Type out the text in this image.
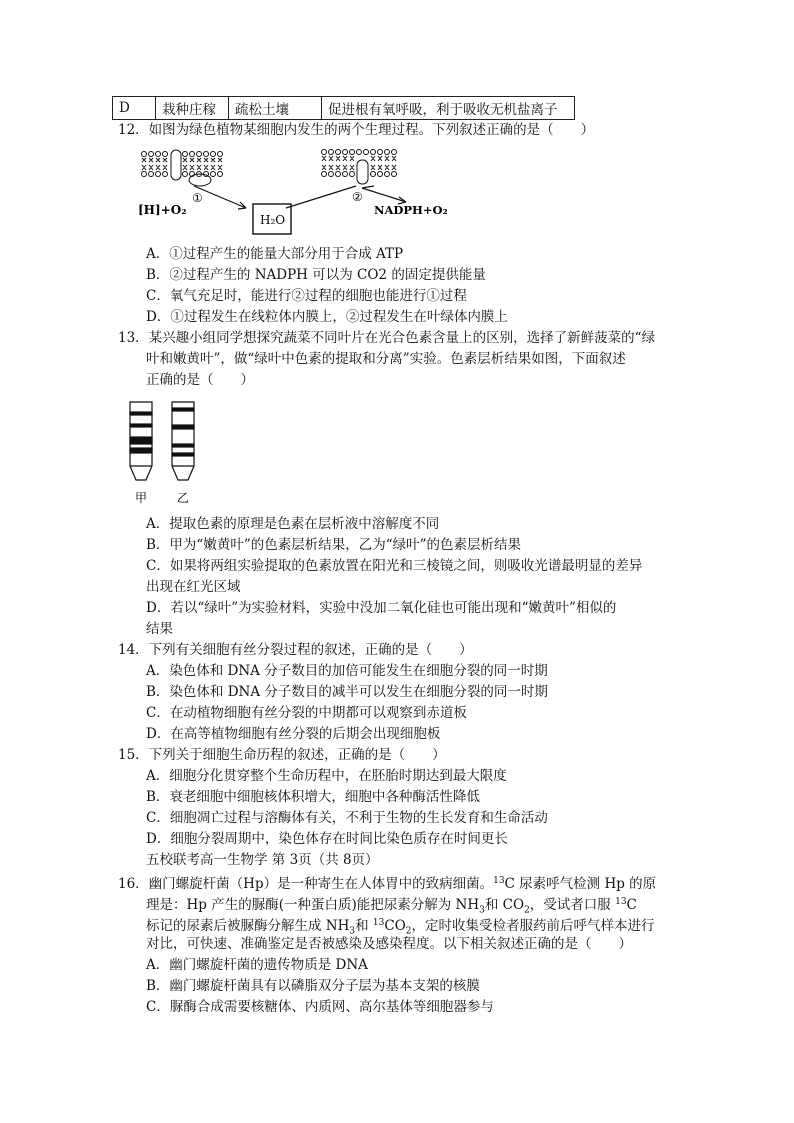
D	栽种庄稼	疏松土壤	促进根有氧呼吸，利于吸收无机盐离子
12．如图为绿色植物某细胞内发生的两个生理过程。下列叙述正确的是（　　）
H₂O
[H]+O₂
①	②
NADPH+O₂
A．①过程产生的能量大部分用于合成 ATP
B．②过程产生的 NADPH 可以为 CO2 的固定提供能量
C．氧气充足时，能进行②过程的细胞也能进行①过程
D．①过程发生在线粒体内膜上，②过程发生在叶绿体内膜上
13．某兴趣小组同学想探究蔬菜不同叶片在光合色素含量上的区别，选择了新鲜菠菜的“绿
叶和嫩黄叶”，做“绿叶中色素的提取和分离”实验。色素层析结果如图，下面叙述
正确的是（　　）
甲 乙
A．提取色素的原理是色素在层析液中溶解度不同
B．甲为“嫩黄叶”的色素层析结果，乙为“绿叶”的色素层析结果
C．如果将两组实验提取的色素放置在阳光和三棱镜之间，则吸收光谱最明显的差异
出现在红光区域
D．若以“绿叶”为实验材料，实验中没加二氧化硅也可能出现和“嫩黄叶”相似的
结果
14．下列有关细胞有丝分裂过程的叙述，正确的是（　　）
A．染色体和 DNA 分子数目的加倍可能发生在细胞分裂的同一时期
B．染色体和 DNA 分子数目的减半可以发生在细胞分裂的同一时期
C．在动植物细胞有丝分裂的中期都可以观察到赤道板
D．在高等植物细胞有丝分裂的后期会出现细胞板
15．下列关于细胞生命历程的叙述，正确的是（　　）
A．细胞分化贯穿整个生命历程中，在胚胎时期达到最大限度
B．衰老细胞中细胞核体积增大，细胞中各种酶活性降低
C．细胞凋亡过程与溶酶体有关，不利于生物的生长发育和生命活动
D．细胞分裂周期中，染色体存在时间比染色质存在时间更长
五校联考高一生物学 第 3页（共 8页）
16．幽门螺旋杆菌（Hp）是一种寄生在人体胃中的致病细菌。$^{13}$C 尿素呼气检测 Hp 的原
理是：Hp 产生的脲酶(一种蛋白质)能把尿素分解为 $NH_3$和 $CO_2$，受试者口服 $^{13}$C
标记的尿素后被脲酶分解生成 $NH_3$和 $^{13}CO_2$，定时收集受检者服药前后呼气样本进行
对比，可快速、准确鉴定是否被感染及感染程度。以下相关叙述正确的是（　　）
A．幽门螺旋杆菌的遗传物质是 DNA
B．幽门螺旋杆菌具有以磷脂双分子层为基本支架的核膜
C．脲酶合成需要核糖体、内质网、高尔基体等细胞器参与
